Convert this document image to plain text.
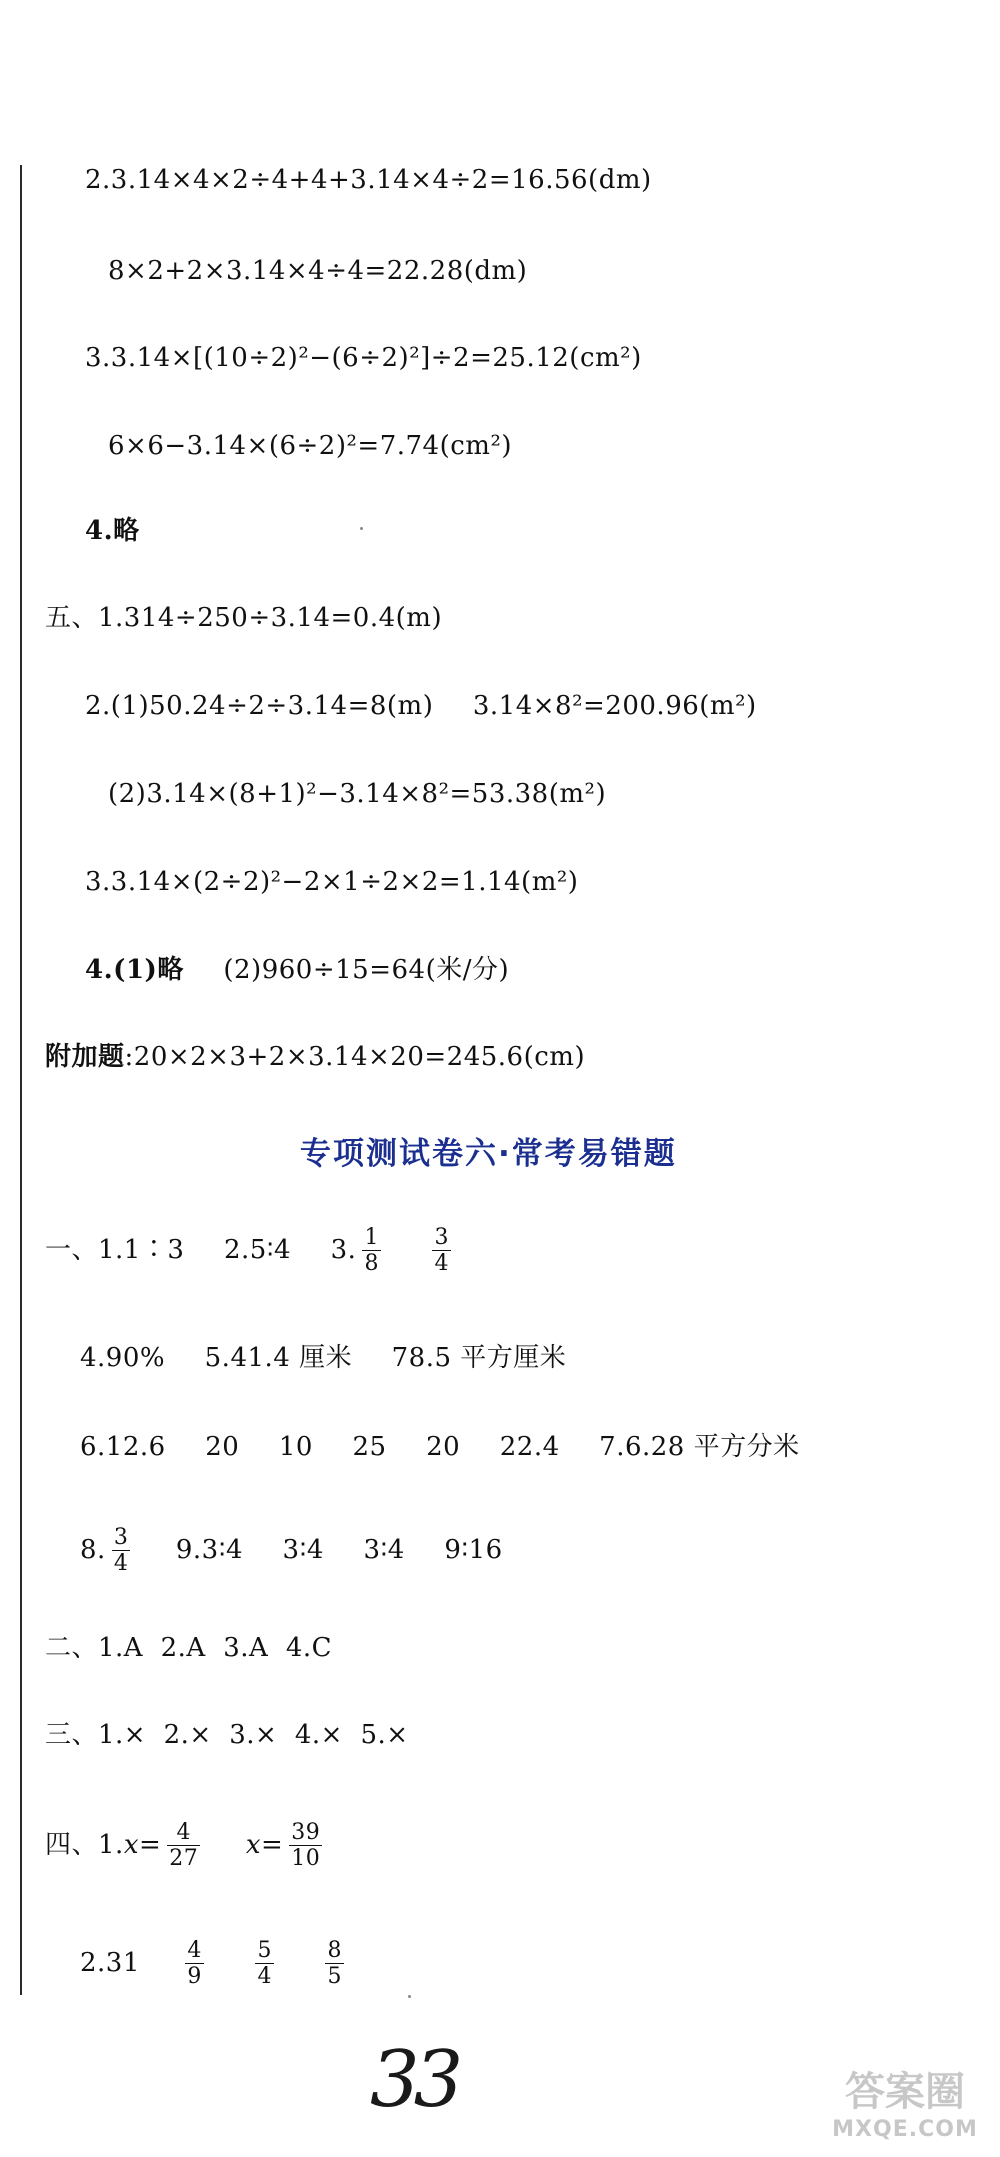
2.3.14×4×2÷4+4+3.14×4÷2=16.56(dm)
8×2+2×3.14×4÷4=22.28(dm)
3.3.14×[(10÷2)²−(6÷2)²]÷2=25.12(cm²)
6×6−3.14×(6÷2)²=7.74(cm²)
4.略
五、1.314÷250÷3.14=0.4(m)
2.(1)50.24÷2÷3.14=8(m) 3.14×8²=200.96(m²)
(2)3.14×(8+1)²−3.14×8²=53.38(m²)
3.3.14×(2÷2)²−2×1÷2×2=1.14(m²)
4.(1)略 (2)960÷15=64(米/分)
附加题:20×2×3+2×3.14×20=245.6(cm)
专项测试卷六·常考易错题
一、1.1∶3 2.5∶4 3. $\frac{1}{8}$
$\frac{3}{4}$
4.90% 5.41.4 厘米 78.5 平方厘米
6.12.6 20 10 25 20 22.4 7.6.28 平方分米
8. $\frac{3}{4}$ 9.3∶4 3∶4 3∶4 9∶16
二、1.A  2.A  3.A  4.C
三、1.×  2.×  3.×  4.×  5.×
四、$1.x= \frac{4}{27} x= \frac{39}{10}$
$2.31 \frac{4}{9}$
$\frac{5}{4}$
$\frac{8}{5}$
33	答案圈
MXQE.COM
